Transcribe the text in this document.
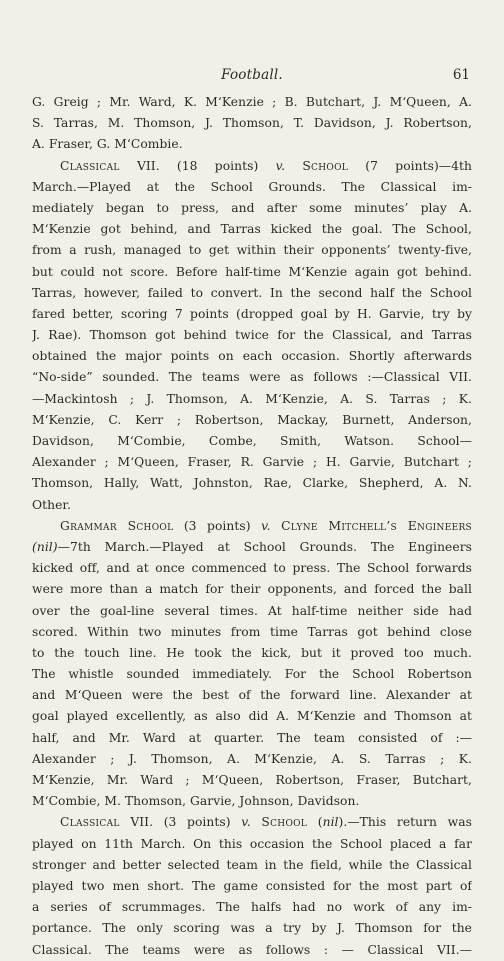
Football.	61
G. Greig ; Mr. Ward, K. M‘Kenzie ; B. Butchart, J. M‘Queen, A.
S. Tarras, M. Thomson, J. Thomson, T. Davidson, J. Robertson,
A. Fraser, G. M‘Combie.
Classical VII. (18 points) v. School (7 points)—4th
March.—Played at the School Grounds. The Classical im-
mediately began to press, and after some minutes’ play A.
M‘Kenzie got behind, and Tarras kicked the goal. The School,
from a rush, managed to get within their opponents’ twenty-five,
but could not score. Before half-time M‘Kenzie again got behind.
Tarras, however, failed to convert. In the second half the School
fared better, scoring 7 points (dropped goal by H. Garvie, try by
J. Rae). Thomson got behind twice for the Classical, and Tarras
obtained the major points on each occasion. Shortly afterwards
“No-side” sounded. The teams were as follows :—Classical VII.
—Mackintosh ; J. Thomson, A. M‘Kenzie, A. S. Tarras ; K.
M‘Kenzie, C. Kerr ; Robertson, Mackay, Burnett, Anderson,
Davidson, M‘Combie, Combe, Smith, Watson. School—
Alexander ; M‘Queen, Fraser, R. Garvie ; H. Garvie, Butchart ;
Thomson, Hally, Watt, Johnston, Rae, Clarke, Shepherd, A. N.
Other.
Grammar School (3 points) v. Clyne Mitchell’s Engineers
(nil)—7th March.—Played at School Grounds. The Engineers
kicked off, and at once commenced to press. The School forwards
were more than a match for their opponents, and forced the ball
over the goal-line several times. At half-time neither side had
scored. Within two minutes from time Tarras got behind close
to the touch line. He took the kick, but it proved too much.
The whistle sounded immediately. For the School Robertson
and M‘Queen were the best of the forward line. Alexander at
goal played excellently, as also did A. M‘Kenzie and Thomson at
half, and Mr. Ward at quarter. The team consisted of :—
Alexander ; J. Thomson, A. M‘Kenzie, A. S. Tarras ; K.
M‘Kenzie, Mr. Ward ; M‘Queen, Robertson, Fraser, Butchart,
M‘Combie, M. Thomson, Garvie, Johnson, Davidson.
Classical VII. (3 points) v. School (nil).—This return was
played on 11th March. On this occasion the School placed a far
stronger and better selected team in the field, while the Classical
played two men short. The game consisted for the most part of
a series of scrummages. The halfs had no work of any im-
portance. The only scoring was a try by J. Thomson for the
Classical. The teams were as follows : — Classical VII.—
